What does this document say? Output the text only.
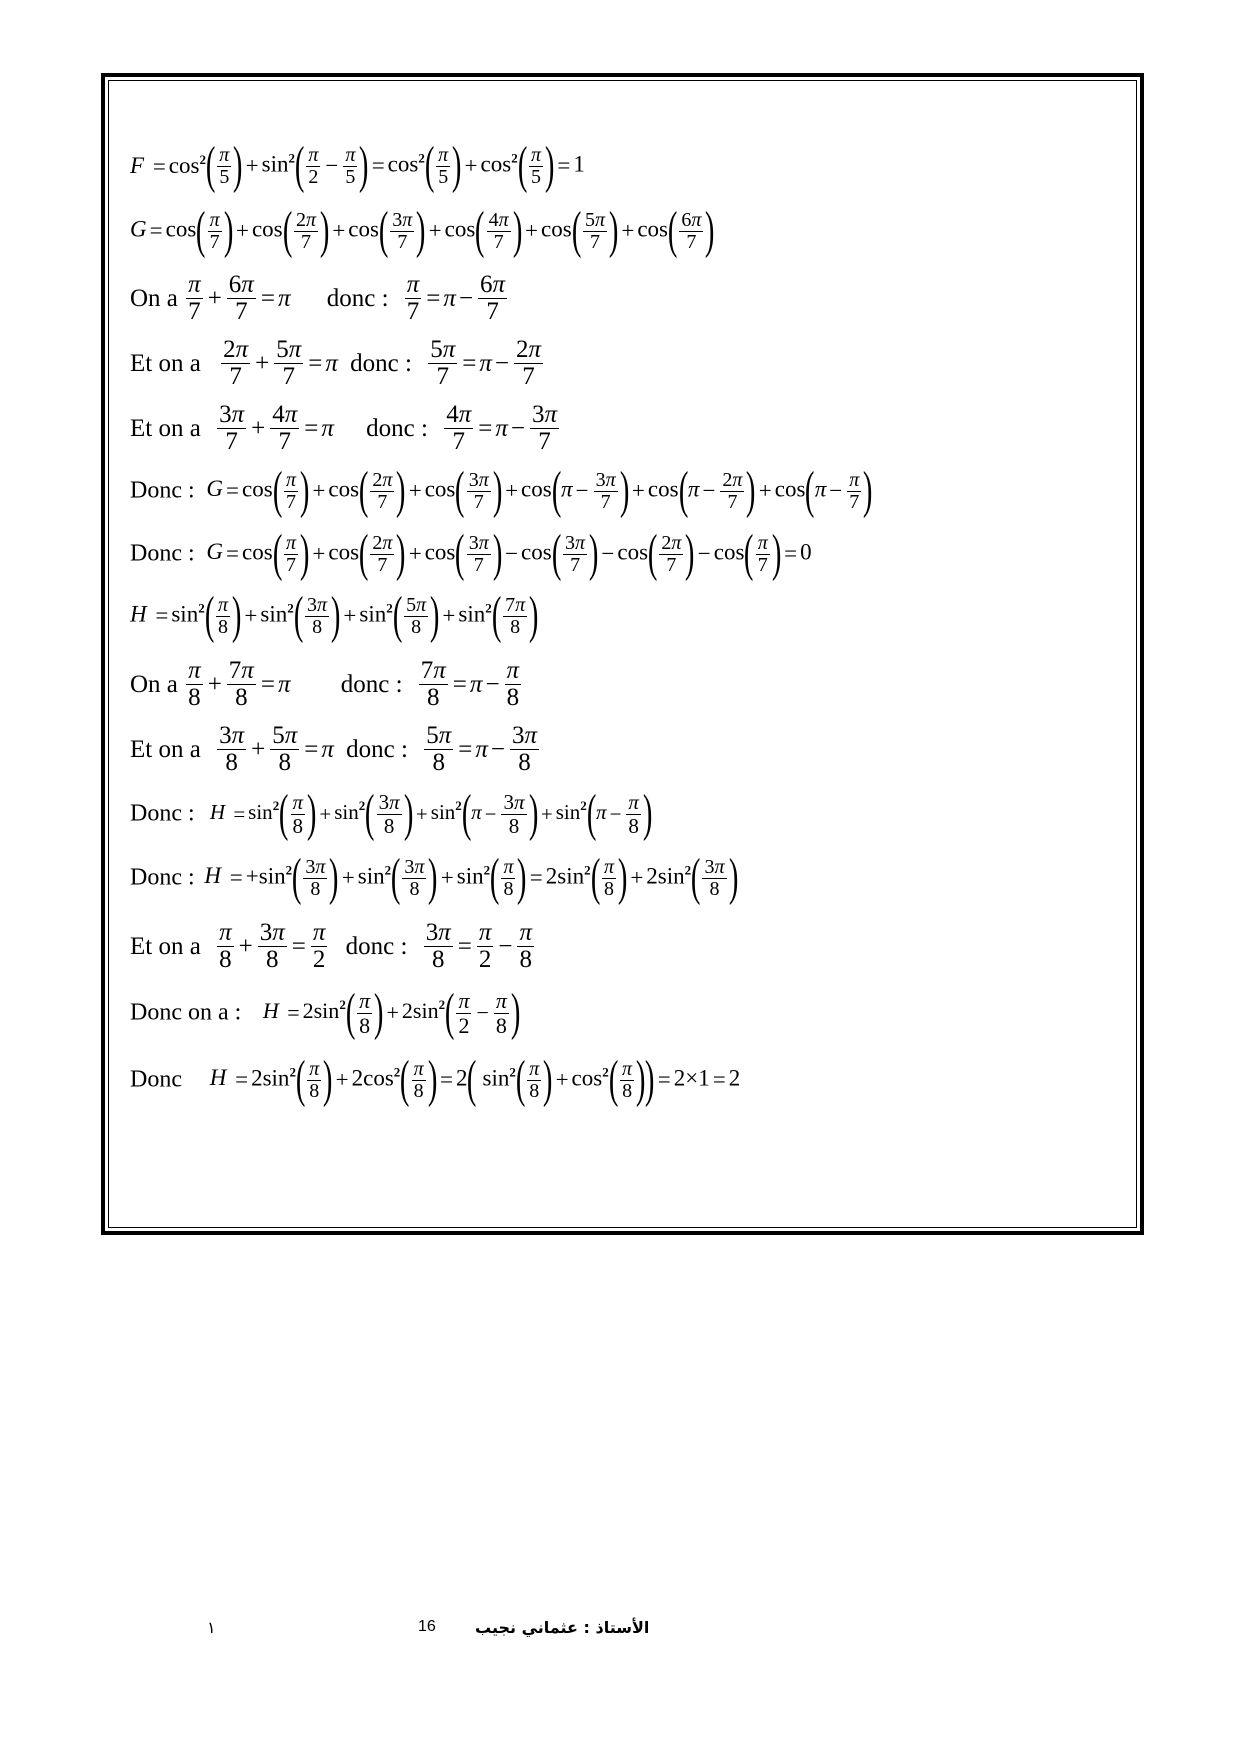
$F = \cos^2( \frac{\pi}{5}$ ) + $\sin^2( \frac{\pi}{2} - \frac{\pi}{5}$ ) = $\cos^2( \frac{\pi}{5}$ ) + $\cos^2( \frac{\pi}{5}$ ) = 1
$G = \cos( \frac{\pi}{7}$ ) + $\cos( \frac{2\pi}{7}$ ) + $\cos( \frac{3\pi}{7}$ ) + $\cos( \frac{4\pi}{7}$ ) + $\cos( \frac{5\pi}{7}$ ) + $\cos( \frac{6\pi}{7}$ )
On a $\frac{\pi}{7} + \frac{6\pi}{7} = \pi$ donc : $\frac{\pi}{7} = \pi - \frac{6\pi}{7}$
Et on a $\frac{2\pi}{7} + \frac{5\pi}{7} = \pi$ donc : $\frac{5\pi}{7} = \pi - \frac{2\pi}{7}$
Et on a $\frac{3\pi}{7} + \frac{4\pi}{7} = \pi$ donc : $\frac{4\pi}{7} = \pi - \frac{3\pi}{7}$
Donc : $G = \cos( \frac{\pi}{7}$ ) + $\cos( \frac{2\pi}{7}$ ) + $\cos( \frac{3\pi}{7}$ ) + $\cos(\pi - \frac{3\pi}{7}$ ) + $\cos(\pi - \frac{2\pi}{7}$ ) + $\cos(\pi - \frac{\pi}{7}$ )
Donc : $G = \cos( \frac{\pi}{7}$ ) + $\cos( \frac{2\pi}{7}$ ) + $\cos( \frac{3\pi}{7}$ ) − $\cos( \frac{3\pi}{7}$ ) − $\cos( \frac{2\pi}{7}$ ) − $\cos( \frac{\pi}{7}$ ) = 0
$H = \sin^2( \frac{\pi}{8}$ ) + $\sin^2( \frac{3\pi}{8}$ ) + $\sin^2( \frac{5\pi}{8}$ ) + $\sin^2( \frac{7\pi}{8}$ )
On a $\frac{\pi}{8} + \frac{7\pi}{8} = \pi$ donc : $\frac{7\pi}{8} = \pi - \frac{\pi}{8}$
Et on a $\frac{3\pi}{8} + \frac{5\pi}{8} = \pi$ donc : $\frac{5\pi}{8} = \pi - \frac{3\pi}{8}$
Donc : $H = \sin^2( \frac{\pi}{8}$ ) + $\sin^2( \frac{3\pi}{8}$ ) + $\sin^2(\pi - \frac{3\pi}{8}$ ) + $\sin^2(\pi - \frac{\pi}{8}$ )
Donc : $H = +\sin^2( \frac{3\pi}{8}$ ) + $\sin^2( \frac{3\pi}{8}$ ) + $\sin^2( \frac{\pi}{8}$ ) = $2\sin^2( \frac{\pi}{8}$ ) + $2\sin^2( \frac{3\pi}{8}$ )
Et on a $\frac{\pi}{8} + \frac{3\pi}{8} = \frac{\pi}{2}$ donc : $\frac{3\pi}{8} = \frac{\pi}{2} - \frac{\pi}{8}$
Donc on a : $H = 2\sin^2( \frac{\pi}{8}$ ) + $2\sin^2( \frac{\pi}{2} - \frac{\pi}{8}$ )
Donc $H = 2\sin^2( \frac{\pi}{8}$ ) + $2\cos^2( \frac{\pi}{8}$ ) = 2( $\sin^2( \frac{\pi}{8}$ ) + $\cos^2( \frac{\pi}{8}$ )) = 2×1 = 2
١	16 الأستاذ : عثماني نجيب
